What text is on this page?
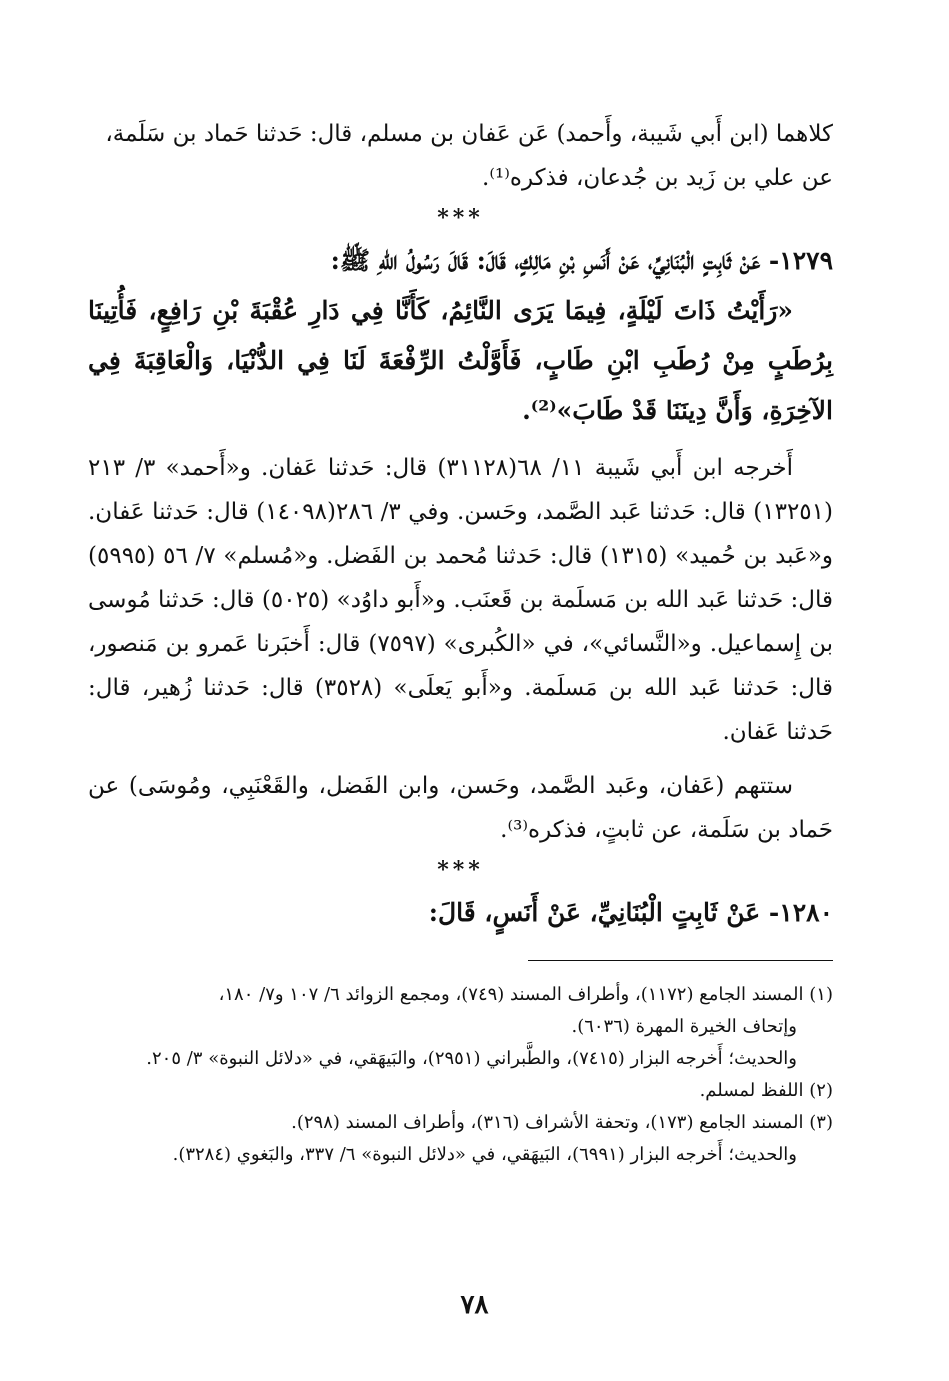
كلاهما (ابن أَبي شَيبة، وأَحمد) عَن عَفان بن مسلم، قال: حَدثنا حَماد بن سَلَمة،

عن علي بن زَيد بن جُدعان، فذكره⁽¹⁾.

***

١٢٧٩- عَنْ ثَابِتٍ الْبُنَانِيِّ، عَنْ أَنَسِ بْنِ مَالِكٍ، قَالَ: قَالَ رَسُولُ اللهِ ﷺ:

«رَأَيْتُ ذَاتَ لَيْلَةٍ، فِيمَا يَرَى النَّائِمُ، كَأَنَّا فِي دَارِ عُقْبَةَ بْنِ رَافِعٍ، فَأُتِينَا بِرُطَبٍ مِنْ رُطَبِ ابْنِ طَابٍ، فَأَوَّلْتُ الرِّفْعَةَ لَنَا فِي الدُّنْيَا، وَالْعَاقِبَةَ فِي الآخِرَةِ، وَأَنَّ دِينَنَا قَدْ طَابَ»⁽²⁾.

أَخرجه ابن أَبي شَيبة ١١/ ٦٨(٣١١٢٨) قال: حَدثنا عَفان. و«أَحمد» ٣/ ٢١٣ (١٣٢٥١) قال: حَدثنا عَبد الصَّمد، وحَسن. وفي ٣/ ٢٨٦(١٤٠٩٨) قال: حَدثنا عَفان. و«عَبد بن حُميد» (١٣١٥) قال: حَدثنا مُحمد بن الفَضل. و«مُسلم» ٧/ ٥٦ (٥٩٩٥) قال: حَدثنا عَبد الله بن مَسلَمة بن قَعنَب. و«أَبو داوُد» (٥٠٢٥) قال: حَدثنا مُوسى بن إِسماعيل. و«النَّسائي»، في «الكُبرى» (٧٥٩٧) قال: أَخبَرنا عَمرو بن مَنصور، قال: حَدثنا عَبد الله بن مَسلَمة. و«أَبو يَعلَى» (٣٥٢٨) قال: حَدثنا زُهير، قال: حَدثنا عَفان.

ستتهم (عَفان، وعَبد الصَّمد، وحَسن، وابن الفَضل، والقَعْنَبِي، ومُوسَى) عن حَماد بن سَلَمة، عن ثابتٍ، فذكره⁽³⁾.

***

١٢٨٠- عَنْ ثَابِتٍ الْبُنَانِيِّ، عَنْ أَنَسٍ، قَالَ:

(١) المسند الجامع (١١٧٢)، وأطراف المسند (٧٤٩)، ومجمع الزوائد ٦/ ١٠٧ و٧/ ١٨٠،

وإتحاف الخيرة المهرة (٦٠٣٦).

والحديث؛ أَخرجه البزار (٧٤١٥)، والطَّبراني (٢٩٥١)، والبَيهَقي، في «دلائل النبوة» ٣/ ٢٠٥.

(٢) اللفظ لمسلم.

(٣) المسند الجامع (١٧٣)، وتحفة الأشراف (٣١٦)، وأطراف المسند (٢٩٨).

والحديث؛ أَخرجه البزار (٦٩٩١)، البَيهَقي، في «دلائل النبوة» ٦/ ٣٣٧، والبَغوي (٣٢٨٤).

٧٨
